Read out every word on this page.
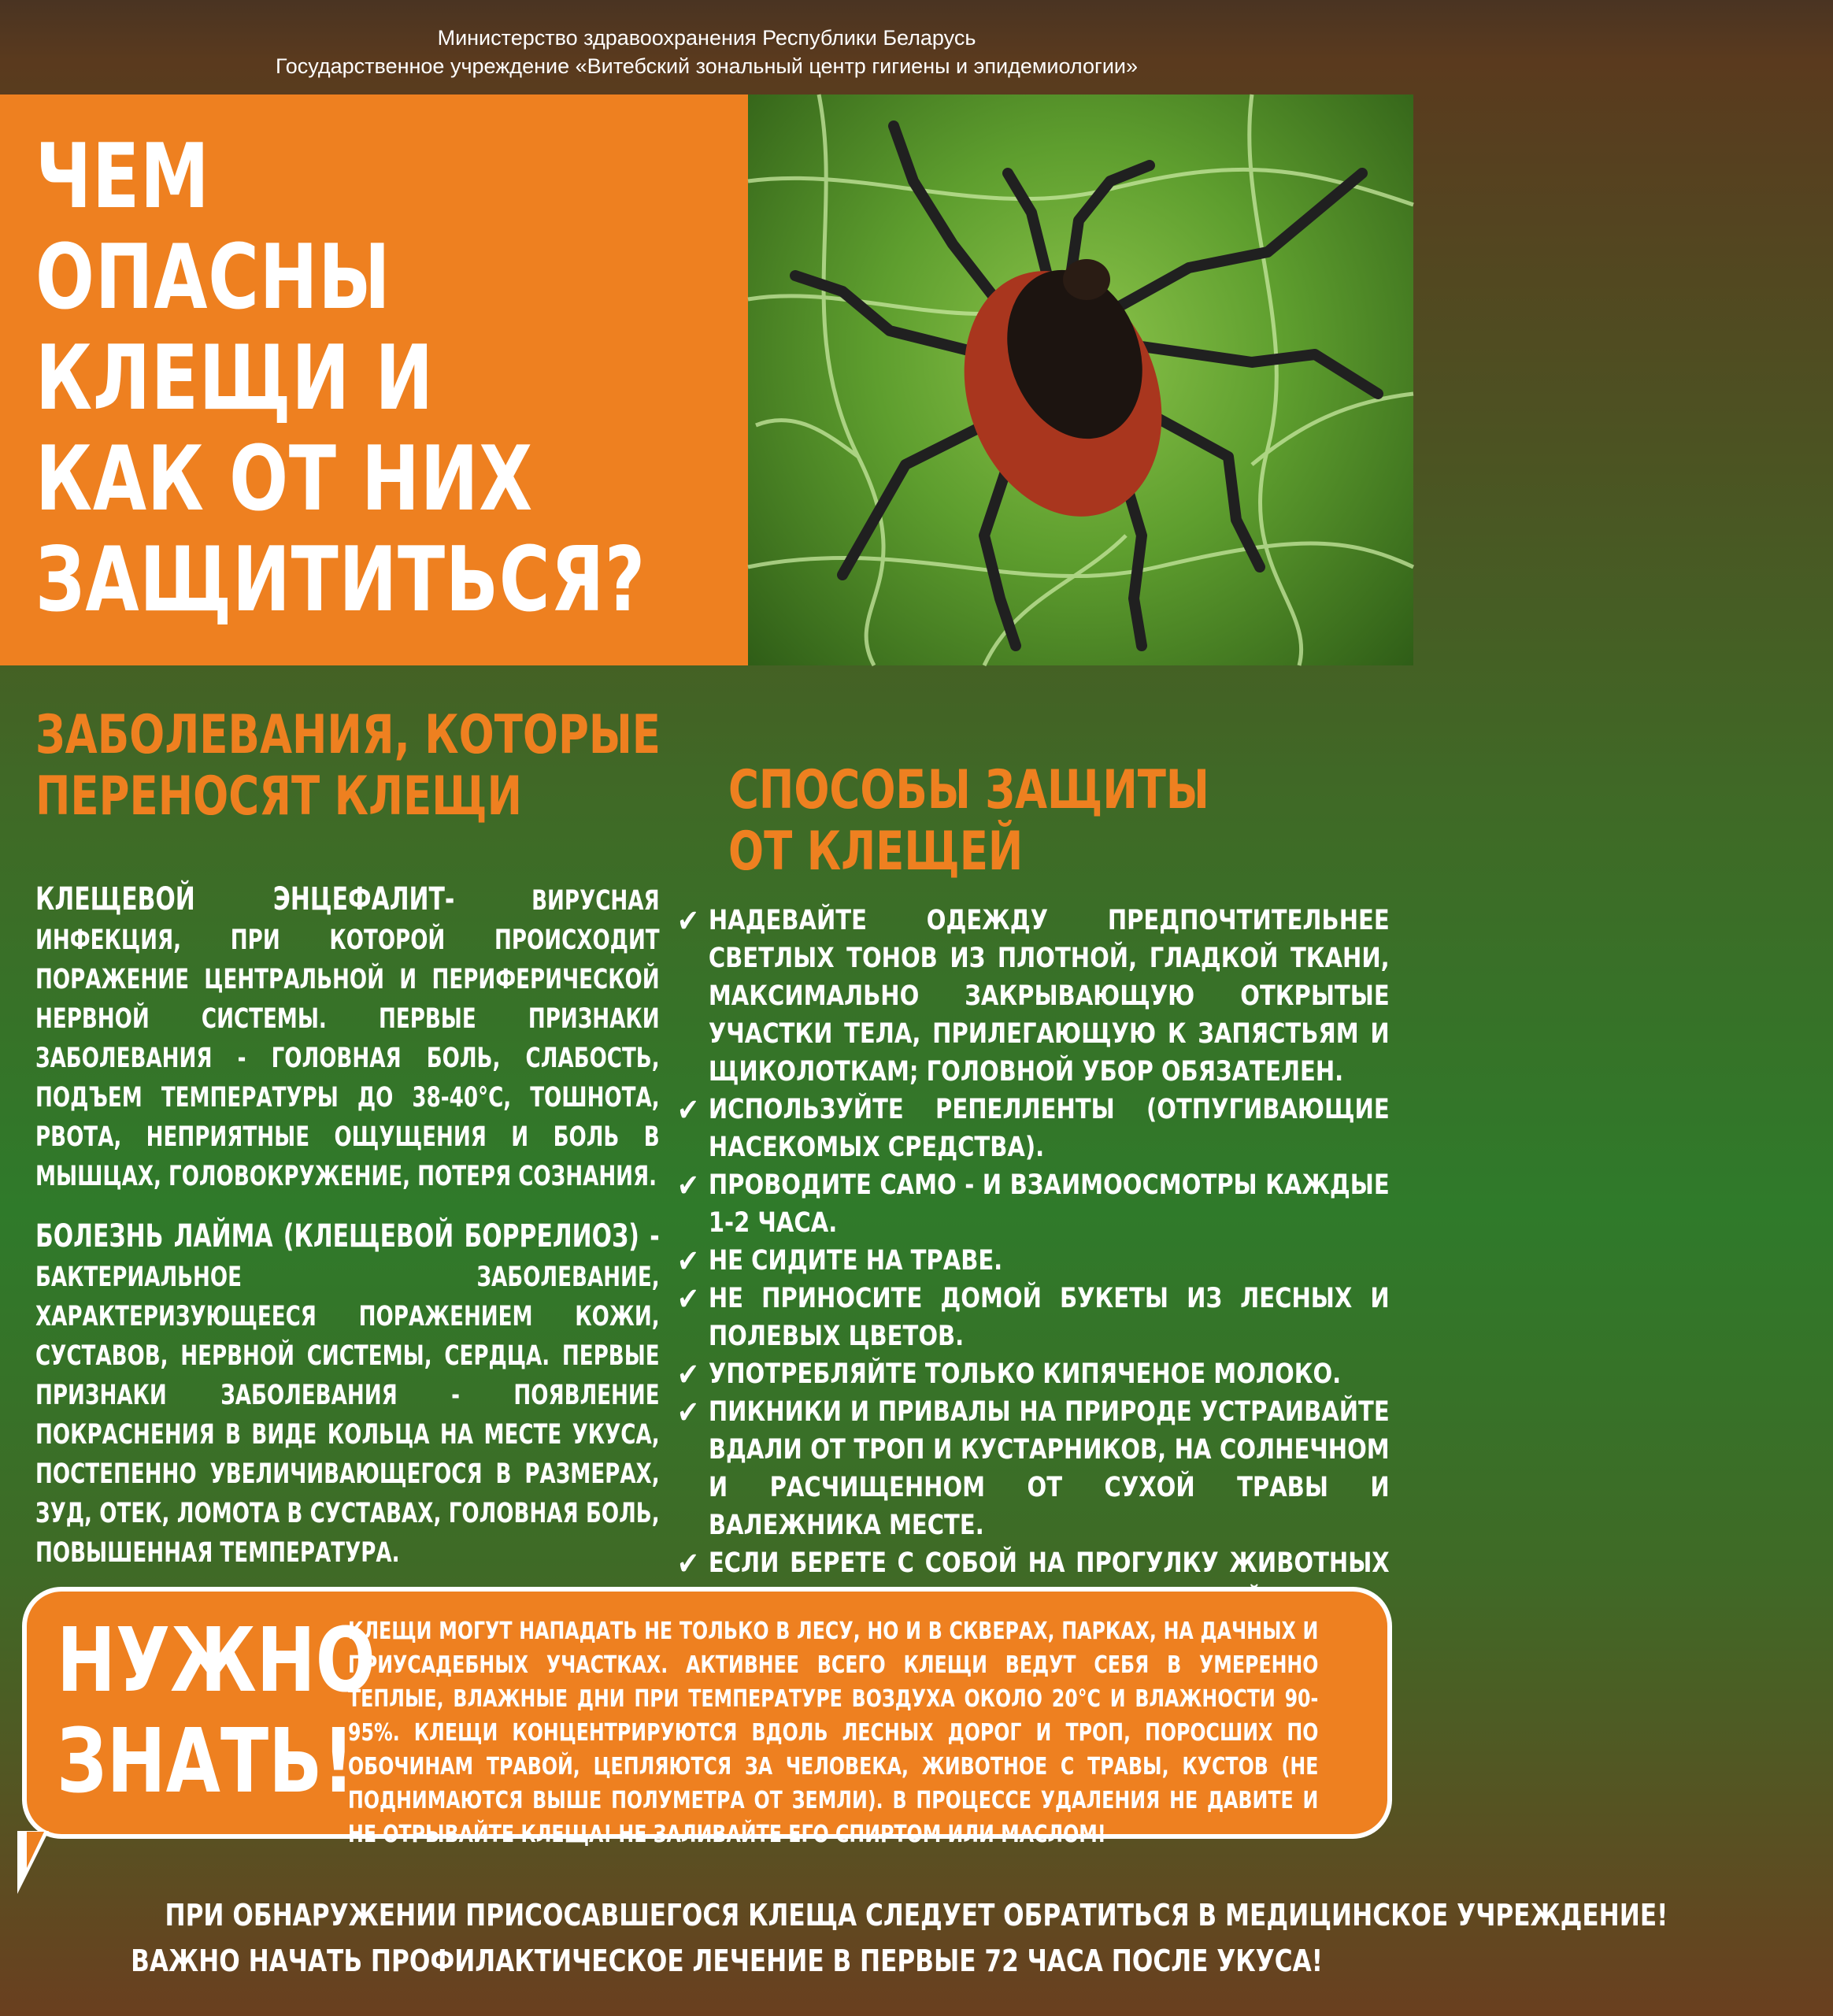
Министерство здравоохранения Республики Беларусь
Государственное учреждение «Витебский зональный центр гигиены и эпидемиологии»
ЧЕМ ОПАСНЫ
КЛЕЩИ И
КАК ОТ НИХ
ЗАЩИТИТЬСЯ?
ЗАБОЛЕВАНИЯ, КОТОРЫЕ
ПЕРЕНОСЯТ КЛЕЩИ
КЛЕЩЕВОЙ ЭНЦЕФАЛИТ- ВИРУСНАЯ ИНФЕКЦИЯ, ПРИ КОТОРОЙ ПРОИСХОДИТ ПОРАЖЕНИЕ ЦЕНТРАЛЬНОЙ И ПЕРИФЕРИЧЕСКОЙ НЕРВНОЙ СИСТЕМЫ. ПЕРВЫЕ ПРИЗНАКИ ЗАБОЛЕВАНИЯ - ГОЛОВНАЯ БОЛЬ, СЛАБОСТЬ, ПОДЪЕМ ТЕМПЕРАТУРЫ ДО 38-40°С, ТОШНОТА, РВОТА, НЕПРИЯТНЫЕ ОЩУЩЕНИЯ И БОЛЬ В МЫШЦАХ, ГОЛОВОКРУЖЕНИЕ, ПОТЕРЯ СОЗНАНИЯ.
БОЛЕЗНЬ ЛАЙМА (КЛЕЩЕВОЙ БОРРЕЛИОЗ) - БАКТЕРИАЛЬНОЕ ЗАБОЛЕВАНИЕ, ХАРАКТЕРИЗУЮЩЕЕСЯ ПОРАЖЕНИЕМ КОЖИ, СУСТАВОВ, НЕРВНОЙ СИСТЕМЫ, СЕРДЦА. ПЕРВЫЕ ПРИЗНАКИ ЗАБОЛЕВАНИЯ - ПОЯВЛЕНИЕ ПОКРАСНЕНИЯ В ВИДЕ КОЛЬЦА НА МЕСТЕ УКУСА, ПОСТЕПЕННО УВЕЛИЧИВАЮЩЕГОСЯ В РАЗМЕРАХ, ЗУД, ОТЕК, ЛОМОТА В СУСТАВАХ, ГОЛОВНАЯ БОЛЬ, ПОВЫШЕННАЯ ТЕМПЕРАТУРА.
СПОСОБЫ ЗАЩИТЫ
ОТ КЛЕЩЕЙ
✔ НАДЕВАЙТЕ ОДЕЖДУ ПРЕДПОЧТИТЕЛЬНЕЕ СВЕТЛЫХ ТОНОВ ИЗ ПЛОТНОЙ, ГЛАДКОЙ ТКАНИ, МАКСИМАЛЬНО ЗАКРЫВАЮЩУЮ ОТКРЫТЫЕ УЧАСТКИ ТЕЛА, ПРИЛЕГАЮЩУЮ К ЗАПЯСТЬЯМ И ЩИКОЛОТКАМ; ГОЛОВНОЙ УБОР ОБЯЗАТЕЛЕН.
✔ ИСПОЛЬЗУЙТЕ РЕПЕЛЛЕНТЫ (ОТПУГИВАЮЩИЕ НАСЕКОМЫХ СРЕДСТВА).
✔ ПРОВОДИТЕ САМО - И ВЗАИМООСМОТРЫ КАЖДЫЕ 1-2 ЧАСА.
✔ НЕ СИДИТЕ НА ТРАВЕ.
✔ НЕ ПРИНОСИТЕ ДОМОЙ БУКЕТЫ ИЗ ЛЕСНЫХ И ПОЛЕВЫХ ЦВЕТОВ.
✔ УПОТРЕБЛЯЙТЕ ТОЛЬКО КИПЯЧЕНОЕ МОЛОКО.
✔ ПИКНИКИ И ПРИВАЛЫ НА ПРИРОДЕ УСТРАИВАЙТЕ ВДАЛИ ОТ ТРОП И КУСТАРНИКОВ, НА СОЛНЕЧНОМ И РАСЧИЩЕННОМ ОТ СУХОЙ ТРАВЫ И ВАЛЕЖНИКА МЕСТЕ.
✔ ЕСЛИ БЕРЕТЕ С СОБОЙ НА ПРОГУЛКУ ЖИВОТНЫХ
НУЖНО
ЗНАТЬ!
КЛЕЩИ МОГУТ НАПАДАТЬ НЕ ТОЛЬКО В ЛЕСУ, НО И В СКВЕРАХ, ПАРКАХ, НА ДАЧНЫХ И ПРИУСАДЕБНЫХ УЧАСТКАХ. АКТИВНЕЕ ВСЕГО КЛЕЩИ ВЕДУТ СЕБЯ В УМЕРЕННО ТЕПЛЫЕ, ВЛАЖНЫЕ ДНИ ПРИ ТЕМПЕРАТУРЕ ВОЗДУХА ОКОЛО 20°С И ВЛАЖНОСТИ 90-95%. КЛЕЩИ КОНЦЕНТРИРУЮТСЯ ВДОЛЬ ЛЕСНЫХ ДОРОГ И ТРОП, ПОРОСШИХ ПО ОБОЧИНАМ ТРАВОЙ, ЦЕПЛЯЮТСЯ ЗА ЧЕЛОВЕКА, ЖИВОТНОЕ С ТРАВЫ, КУСТОВ (НЕ ПОДНИМАЮТСЯ ВЫШЕ ПОЛУМЕТРА ОТ ЗЕМЛИ). В ПРОЦЕССЕ УДАЛЕНИЯ НЕ ДАВИТЕ И НЕ ОТРЫВАЙТЕ КЛЕЩА! НЕ ЗАЛИВАЙТЕ ЕГО СПИРТОМ ИЛИ МАСЛОМ!
ПРИ ОБНАРУЖЕНИИ ПРИСОСАВШЕГОСЯ КЛЕЩА СЛЕДУЕТ ОБРАТИТЬСЯ В МЕДИЦИНСКОЕ УЧРЕЖДЕНИЕ!
ВАЖНО НАЧАТЬ ПРОФИЛАКТИЧЕСКОЕ ЛЕЧЕНИЕ В ПЕРВЫЕ 72 ЧАСА ПОСЛЕ УКУСА!
